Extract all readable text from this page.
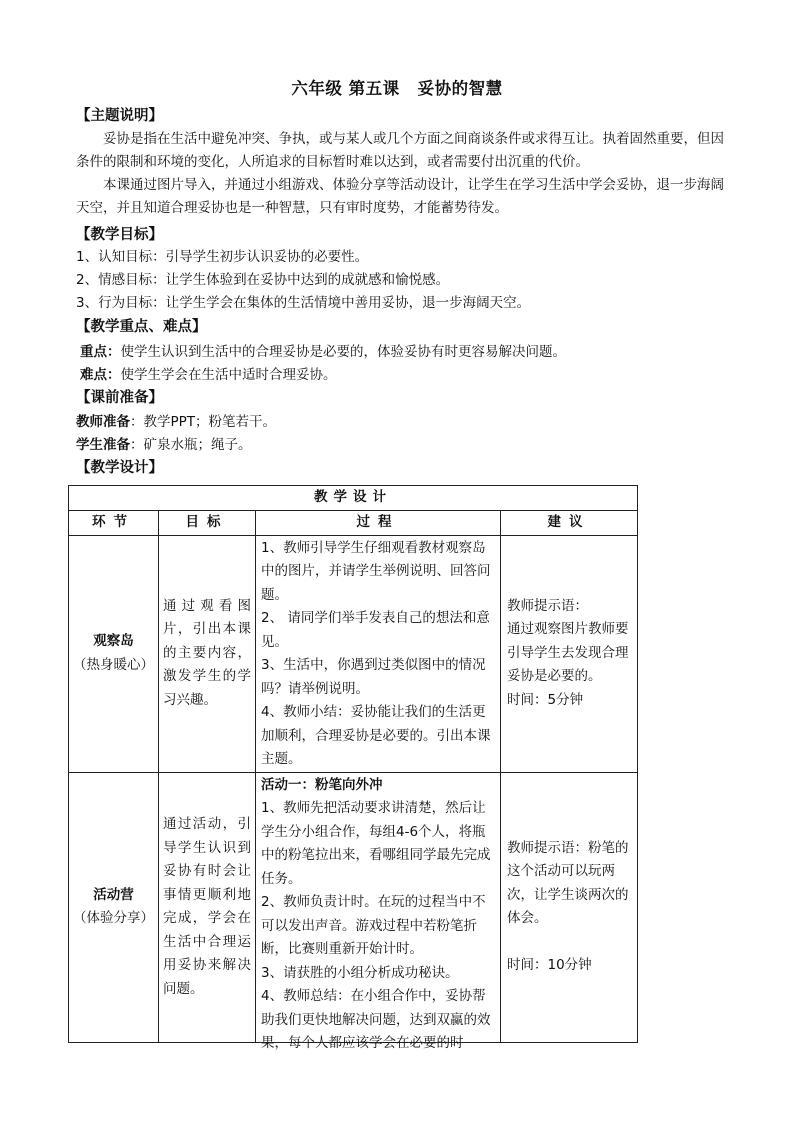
六年级 第五课 妥协的智慧
【主题说明】
妥协是指在生活中避免冲突、争执，或与某人或几个方面之间商谈条件或求得互让。执着固然重要，但因条件的限制和环境的变化，人所追求的目标暂时难以达到，或者需要付出沉重的代价。
本课通过图片导入，并通过小组游戏、体验分享等活动设计，让学生在学习生活中学会妥协，退一步海阔天空，并且知道合理妥协也是一种智慧，只有审时度势，才能蓄势待发。
【教学目标】
1、认知目标：引导学生初步认识妥协的必要性。
2、情感目标：让学生体验到在妥协中达到的成就感和愉悦感。
3、行为目标：让学生学会在集体的生活情境中善用妥协，退一步海阔天空。
【教学重点、难点】
重点：使学生认识到生活中的合理妥协是必要的，体验妥协有时更容易解决问题。
难点：使学生学会在生活中适时合理妥协。
【课前准备】
教师准备：教学PPT；粉笔若干。
学生准备：矿泉水瓶；绳子。
【教学设计】
教学设计			
环节	目标	过程	建议

观察岛
（热身暖心）	通过观看图片，引出本课的主要内容，激发学生的学习兴趣。	1、教师引导学生仔细观看教材观察岛中的图片，并请学生举例说明、回答问题。
2、 请同学们举手发表自己的想法和意见。
3、生活中，你遇到过类似图中的情况吗？请举例说明。
4、教师小结：妥协能让我们的生活更加顺利，合理妥协是必要的。引出本课主题。	教师提示语：
通过观察图片教师要引导学生去发现合理妥协是必要的。
时间：5分钟

活动营
（体验分享）	通过活动，引导学生认识到妥协有时会让事情更顺利地完成，学会在生活中合理运用妥协来解决问题。	活动一：粉笔向外冲
1、教师先把活动要求讲清楚，然后让学生分小组合作，每组4-6个人，将瓶中的粉笔拉出来，看哪组同学最先完成任务。
2、教师负责计时。在玩的过程当中不可以发出声音。游戏过程中若粉笔折断，比赛则重新开始计时。
3、请获胜的小组分析成功秘诀。
4、教师总结：在小组合作中，妥协帮助我们更快地解决问题，达到双赢的效果，每个人都应该学会在必要的时	教师提示语：粉笔的这个活动可以玩两次，让学生谈两次的体会。
时间：10分钟
